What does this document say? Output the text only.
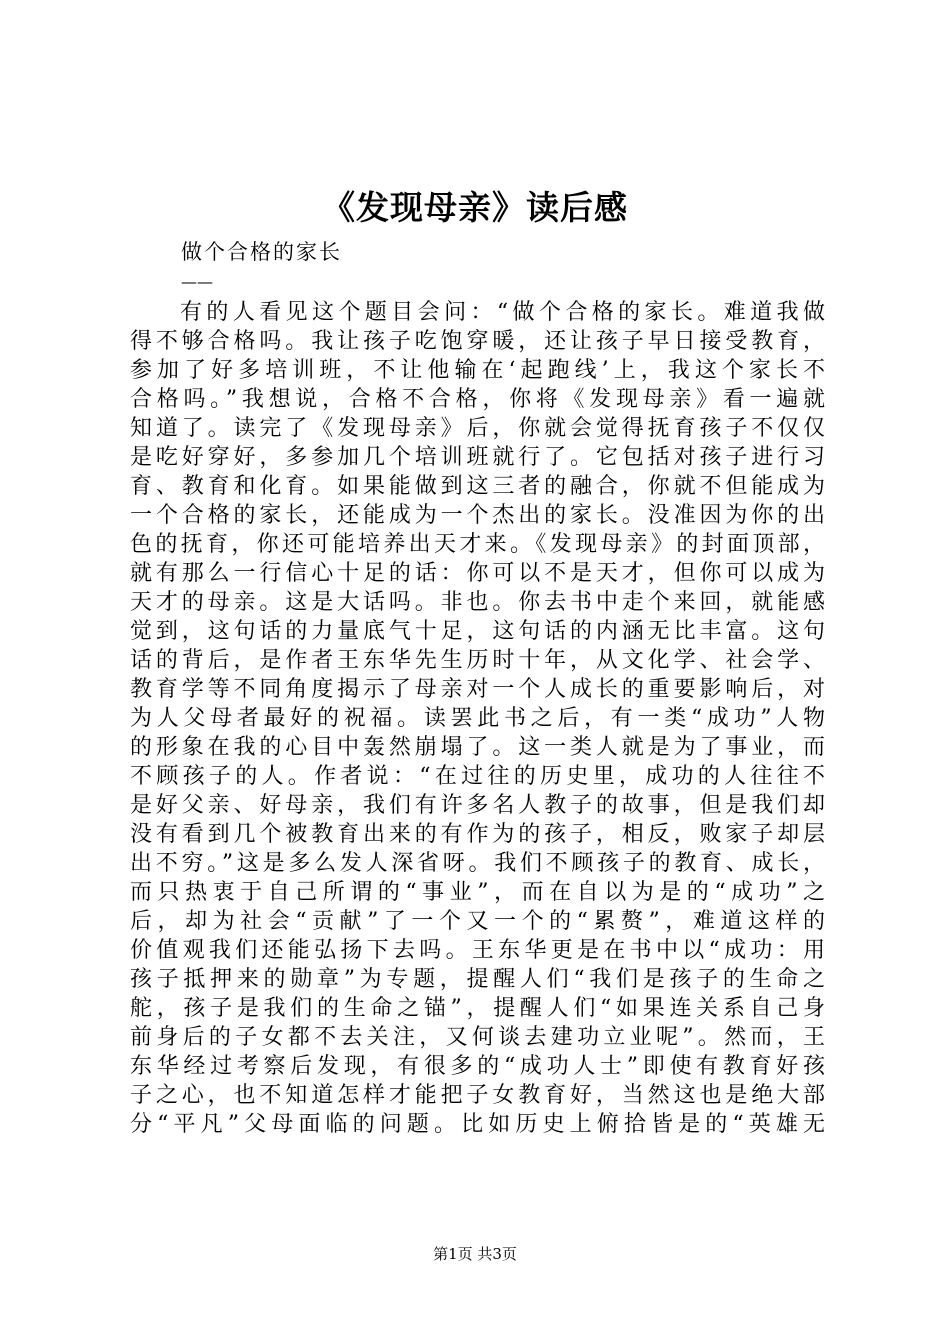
《发现母亲》读后感
做个合格的家长
——
有的人看见这个题目会问：“做个合格的家长。难道我做
得不够合格吗。我让孩子吃饱穿暖，还让孩子早日接受教育，
参加了好多培训班，不让他输在‘起跑线’上，我这个家长不
合格吗。”我想说，合格不合格，你将《发现母亲》看一遍就
知道了。读完了《发现母亲》后，你就会觉得抚育孩子不仅仅
是吃好穿好，多参加几个培训班就行了。它包括对孩子进行习
育、教育和化育。如果能做到这三者的融合，你就不但能成为
一个合格的家长，还能成为一个杰出的家长。没准因为你的出
色的抚育，你还可能培养出天才来。《发现母亲》的封面顶部，
就有那么一行信心十足的话：你可以不是天才，但你可以成为
天才的母亲。这是大话吗。非也。你去书中走个来回，就能感
觉到，这句话的力量底气十足，这句话的内涵无比丰富。这句
话的背后，是作者王东华先生历时十年，从文化学、社会学、
教育学等不同角度揭示了母亲对一个人成长的重要影响后，对
为人父母者最好的祝福。读罢此书之后，有一类“成功”人物
的形象在我的心目中轰然崩塌了。这一类人就是为了事业，而
不顾孩子的人。作者说：“在过往的历史里，成功的人往往不
是好父亲、好母亲，我们有许多名人教子的故事，但是我们却
没有看到几个被教育出来的有作为的孩子，相反，败家子却层
出不穷。”这是多么发人深省呀。我们不顾孩子的教育、成长，
而只热衷于自己所谓的“事业”，而在自以为是的“成功”之
后，却为社会“贡献”了一个又一个的“累赘”，难道这样的
价值观我们还能弘扬下去吗。王东华更是在书中以“成功：用
孩子抵押来的勋章”为专题，提醒人们“我们是孩子的生命之
舵，孩子是我们的生命之锚”，提醒人们“如果连关系自己身
前身后的子女都不去关注，又何谈去建功立业呢”。然而，王
东华经过考察后发现，有很多的“成功人士”即使有教育好孩
子之心，也不知道怎样才能把子女教育好，当然这也是绝大部
分“平凡”父母面临的问题。比如历史上俯拾皆是的“英雄无
第1页 共3页
